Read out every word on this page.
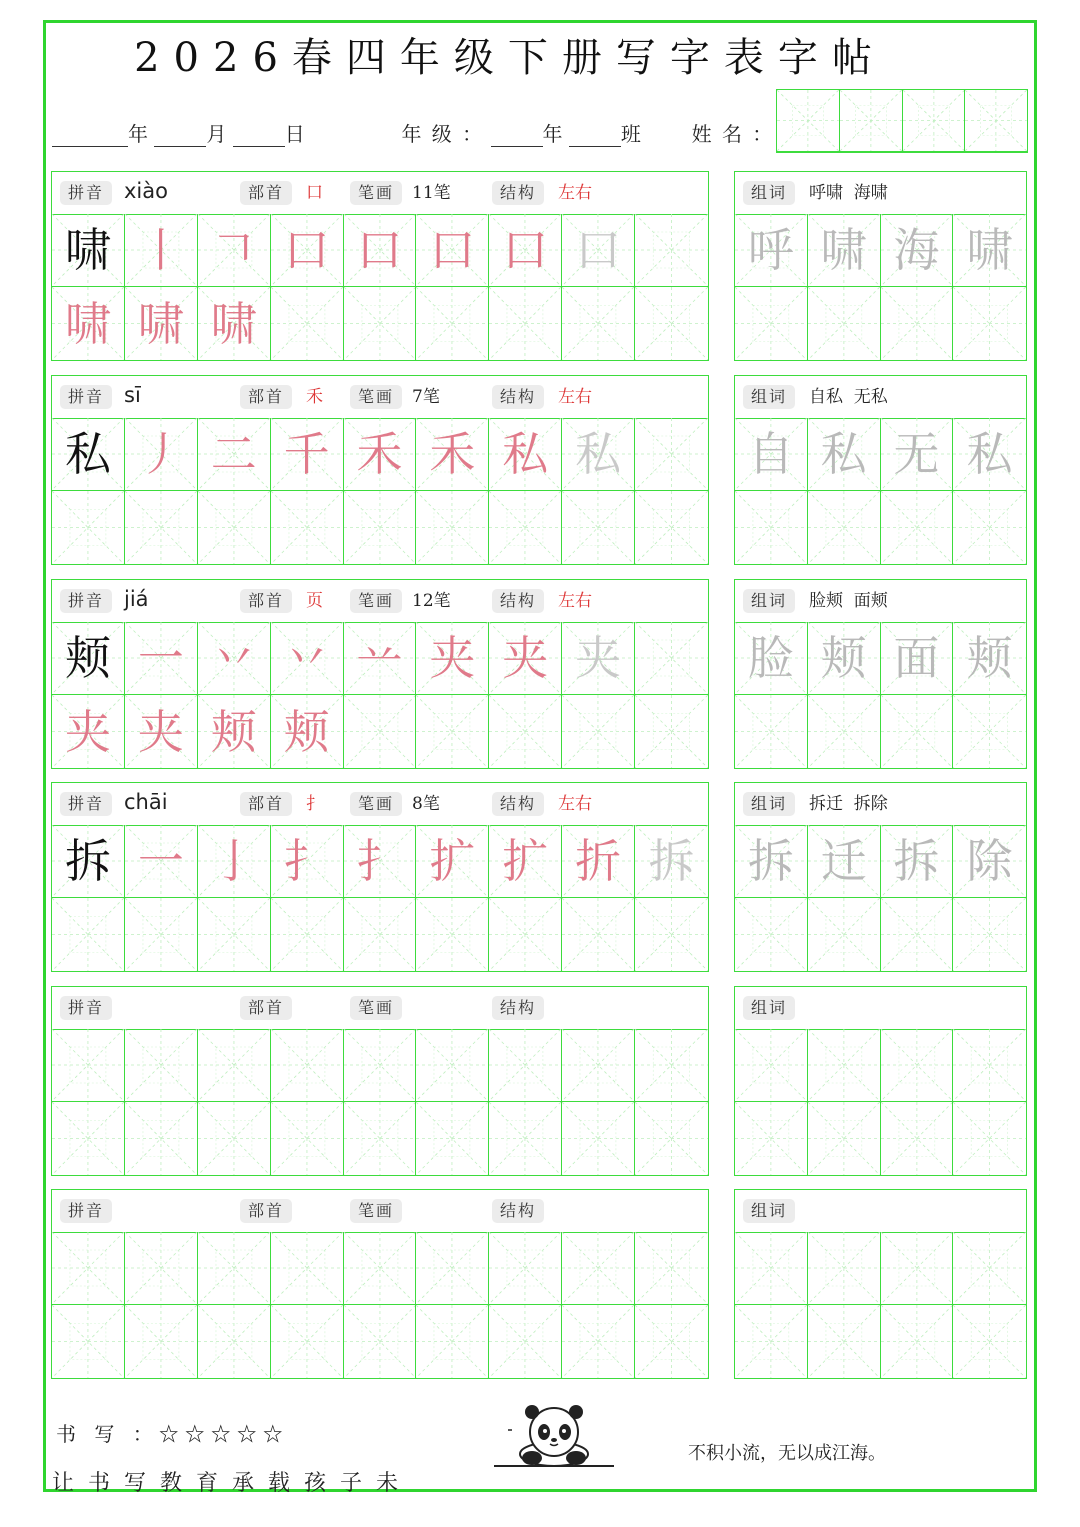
2026春四年级下册写字表字帖
年	月	日	年 级 ：	年	班	姓 名 ：
拼音 xiào	部首	口	笔画	11笔	结构	左右
啸 丨 𠃍 口 口 口 口 口
啸 啸 啸
组词	呼啸  海啸
呼 啸 海 啸
拼音 sī	部首	禾	笔画	7笔	结构	左右
私 丿 二 千 禾 禾 私 私
组词	自私  无私
自 私 无 私
拼音 jiá	部首	页	笔画	12笔	结构	左右
颊 一 丷 丷 䒑 夹 夹 夹
夹 夹 颊 颊
组词	脸颊  面颊
脸 颊 面 颊
拼音 chāi	部首	扌	笔画	8笔	结构	左右
拆 一 亅 扌 扌 扩 扩 折 拆
组词	拆迁  拆除
拆 迁 拆 除
拼音	部首	笔画	结构	组词
拼音	部首	笔画	结构	组词
书 写 ：☆☆☆☆☆
让书写教育承载孩子未
不积小流，无以成江海。
